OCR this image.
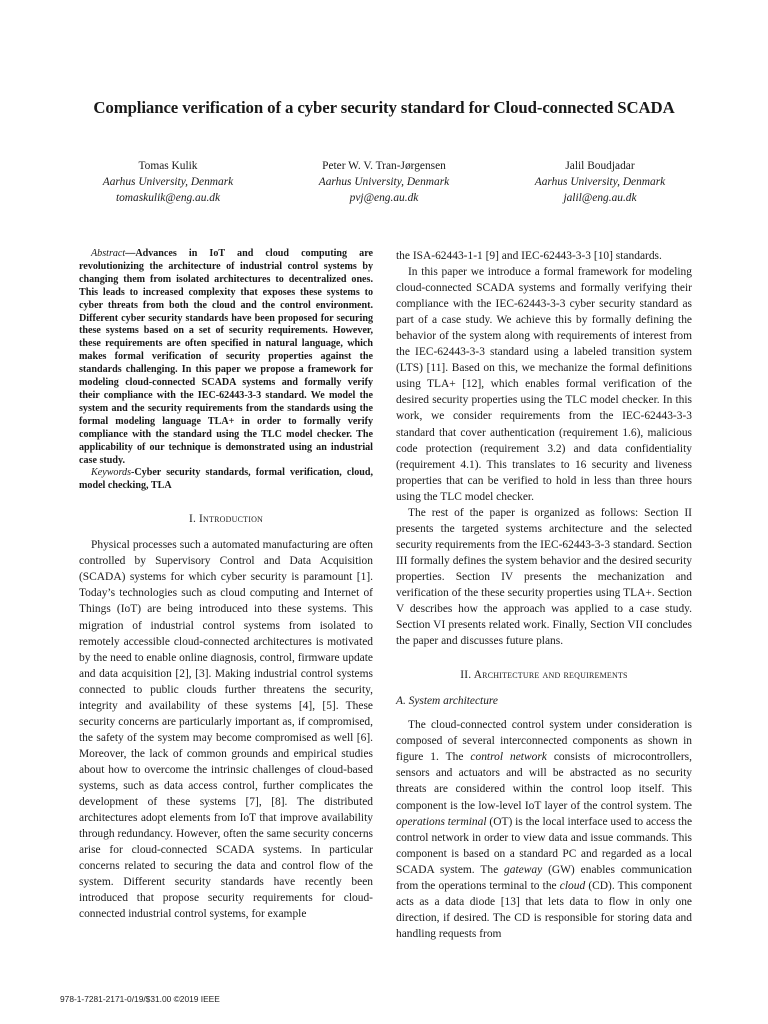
Compliance verification of a cyber security standard for Cloud-connected SCADA
Tomas Kulik
Aarhus University, Denmark
tomaskulik@eng.au.dk
Peter W. V. Tran-Jørgensen
Aarhus University, Denmark
pvj@eng.au.dk
Jalil Boudjadar
Aarhus University, Denmark
jalil@eng.au.dk

Abstract—Advances in IoT and cloud computing are revolutionizing the architecture of industrial control systems by changing them from isolated architectures to decentralized ones. This leads to increased complexity that exposes these systems to cyber threats from both the cloud and the control environment. Different cyber security standards have been proposed for securing these systems based on a set of security requirements. However, these requirements are often specified in natural language, which makes formal verification of security properties against the standards challenging. In this paper we propose a framework for modeling cloud-connected SCADA systems and formally verify their compliance with the IEC-62443-3-3 standard. We model the system and the security requirements from the standards using the formal modeling language TLA+ in order to formally verify compliance with the standard using the TLC model checker. The applicability of our technique is demonstrated using an industrial case study.

Keywords-Cyber security standards, formal verification, cloud, model checking, TLA

I. Introduction

Physical processes such a automated manufacturing are often controlled by Supervisory Control and Data Acquisition (SCADA) systems for which cyber security is paramount [1]. Today’s technologies such as cloud computing and Internet of Things (IoT) are being introduced into these systems. This migration of industrial control systems from isolated to remotely accessible cloud-connected architectures is motivated by the need to enable online diagnosis, control, firmware update and data acquisition [2], [3]. Making industrial control systems connected to public clouds further threatens the security, integrity and availability of these systems [4], [5]. These security concerns are particularly important as, if compromised, the safety of the system may become compromised as well [6]. Moreover, the lack of common grounds and empirical studies about how to overcome the intrinsic challenges of cloud-based systems, such as data access control, further complicates the development of these systems [7], [8]. The distributed architectures adopt elements from IoT that improve availability through redundancy. However, often the same security concerns arise for cloud-connected SCADA systems. In particular concerns related to securing the data and control flow of the system. Different security standards have recently been introduced that propose security requirements for cloud-connected industrial control systems, for example

the ISA-62443-1-1 [9] and IEC-62443-3-3 [10] standards.

In this paper we introduce a formal framework for modeling cloud-connected SCADA systems and formally verifying their compliance with the IEC-62443-3-3 cyber security standard as part of a case study. We achieve this by formally defining the behavior of the system along with requirements of interest from the IEC-62443-3-3 standard using a labeled transition system (LTS) [11]. Based on this, we mechanize the formal definitions using TLA+ [12], which enables formal verification of the desired security properties using the TLC model checker. In this work, we consider requirements from the IEC-62443-3-3 standard that cover authentication (requirement 1.6), malicious code protection (requirement 3.2) and data confidentiality (requirement 4.1). This translates to 16 security and liveness properties that can be verified to hold in less than three hours using the TLC model checker.

The rest of the paper is organized as follows: Section II presents the targeted systems architecture and the selected security requirements from the IEC-62443-3-3 standard. Section III formally defines the system behavior and the desired security properties. Section IV presents the mechanization and verification of the these security properties using TLA+. Section V describes how the approach was applied to a case study. Section VI presents related work. Finally, Section VII concludes the paper and discusses future plans.

II. Architecture and requirements
A. System architecture

The cloud-connected control system under consideration is composed of several interconnected components as shown in figure 1. The control network consists of microcontrollers, sensors and actuators and will be abstracted as no security threats are considered within the control loop itself. This component is the low-level IoT layer of the control system. The operations terminal (OT) is the local interface used to access the control network in order to view data and issue commands. This component is based on a standard PC and regarded as a local SCADA system. The gateway (GW) enables communication from the operations terminal to the cloud (CD). This component acts as a data diode [13] that lets data to flow in only one direction, if desired. The CD is responsible for storing data and handling requests from

978-1-7281-2171-0/19/$31.00 ©2019 IEEE
